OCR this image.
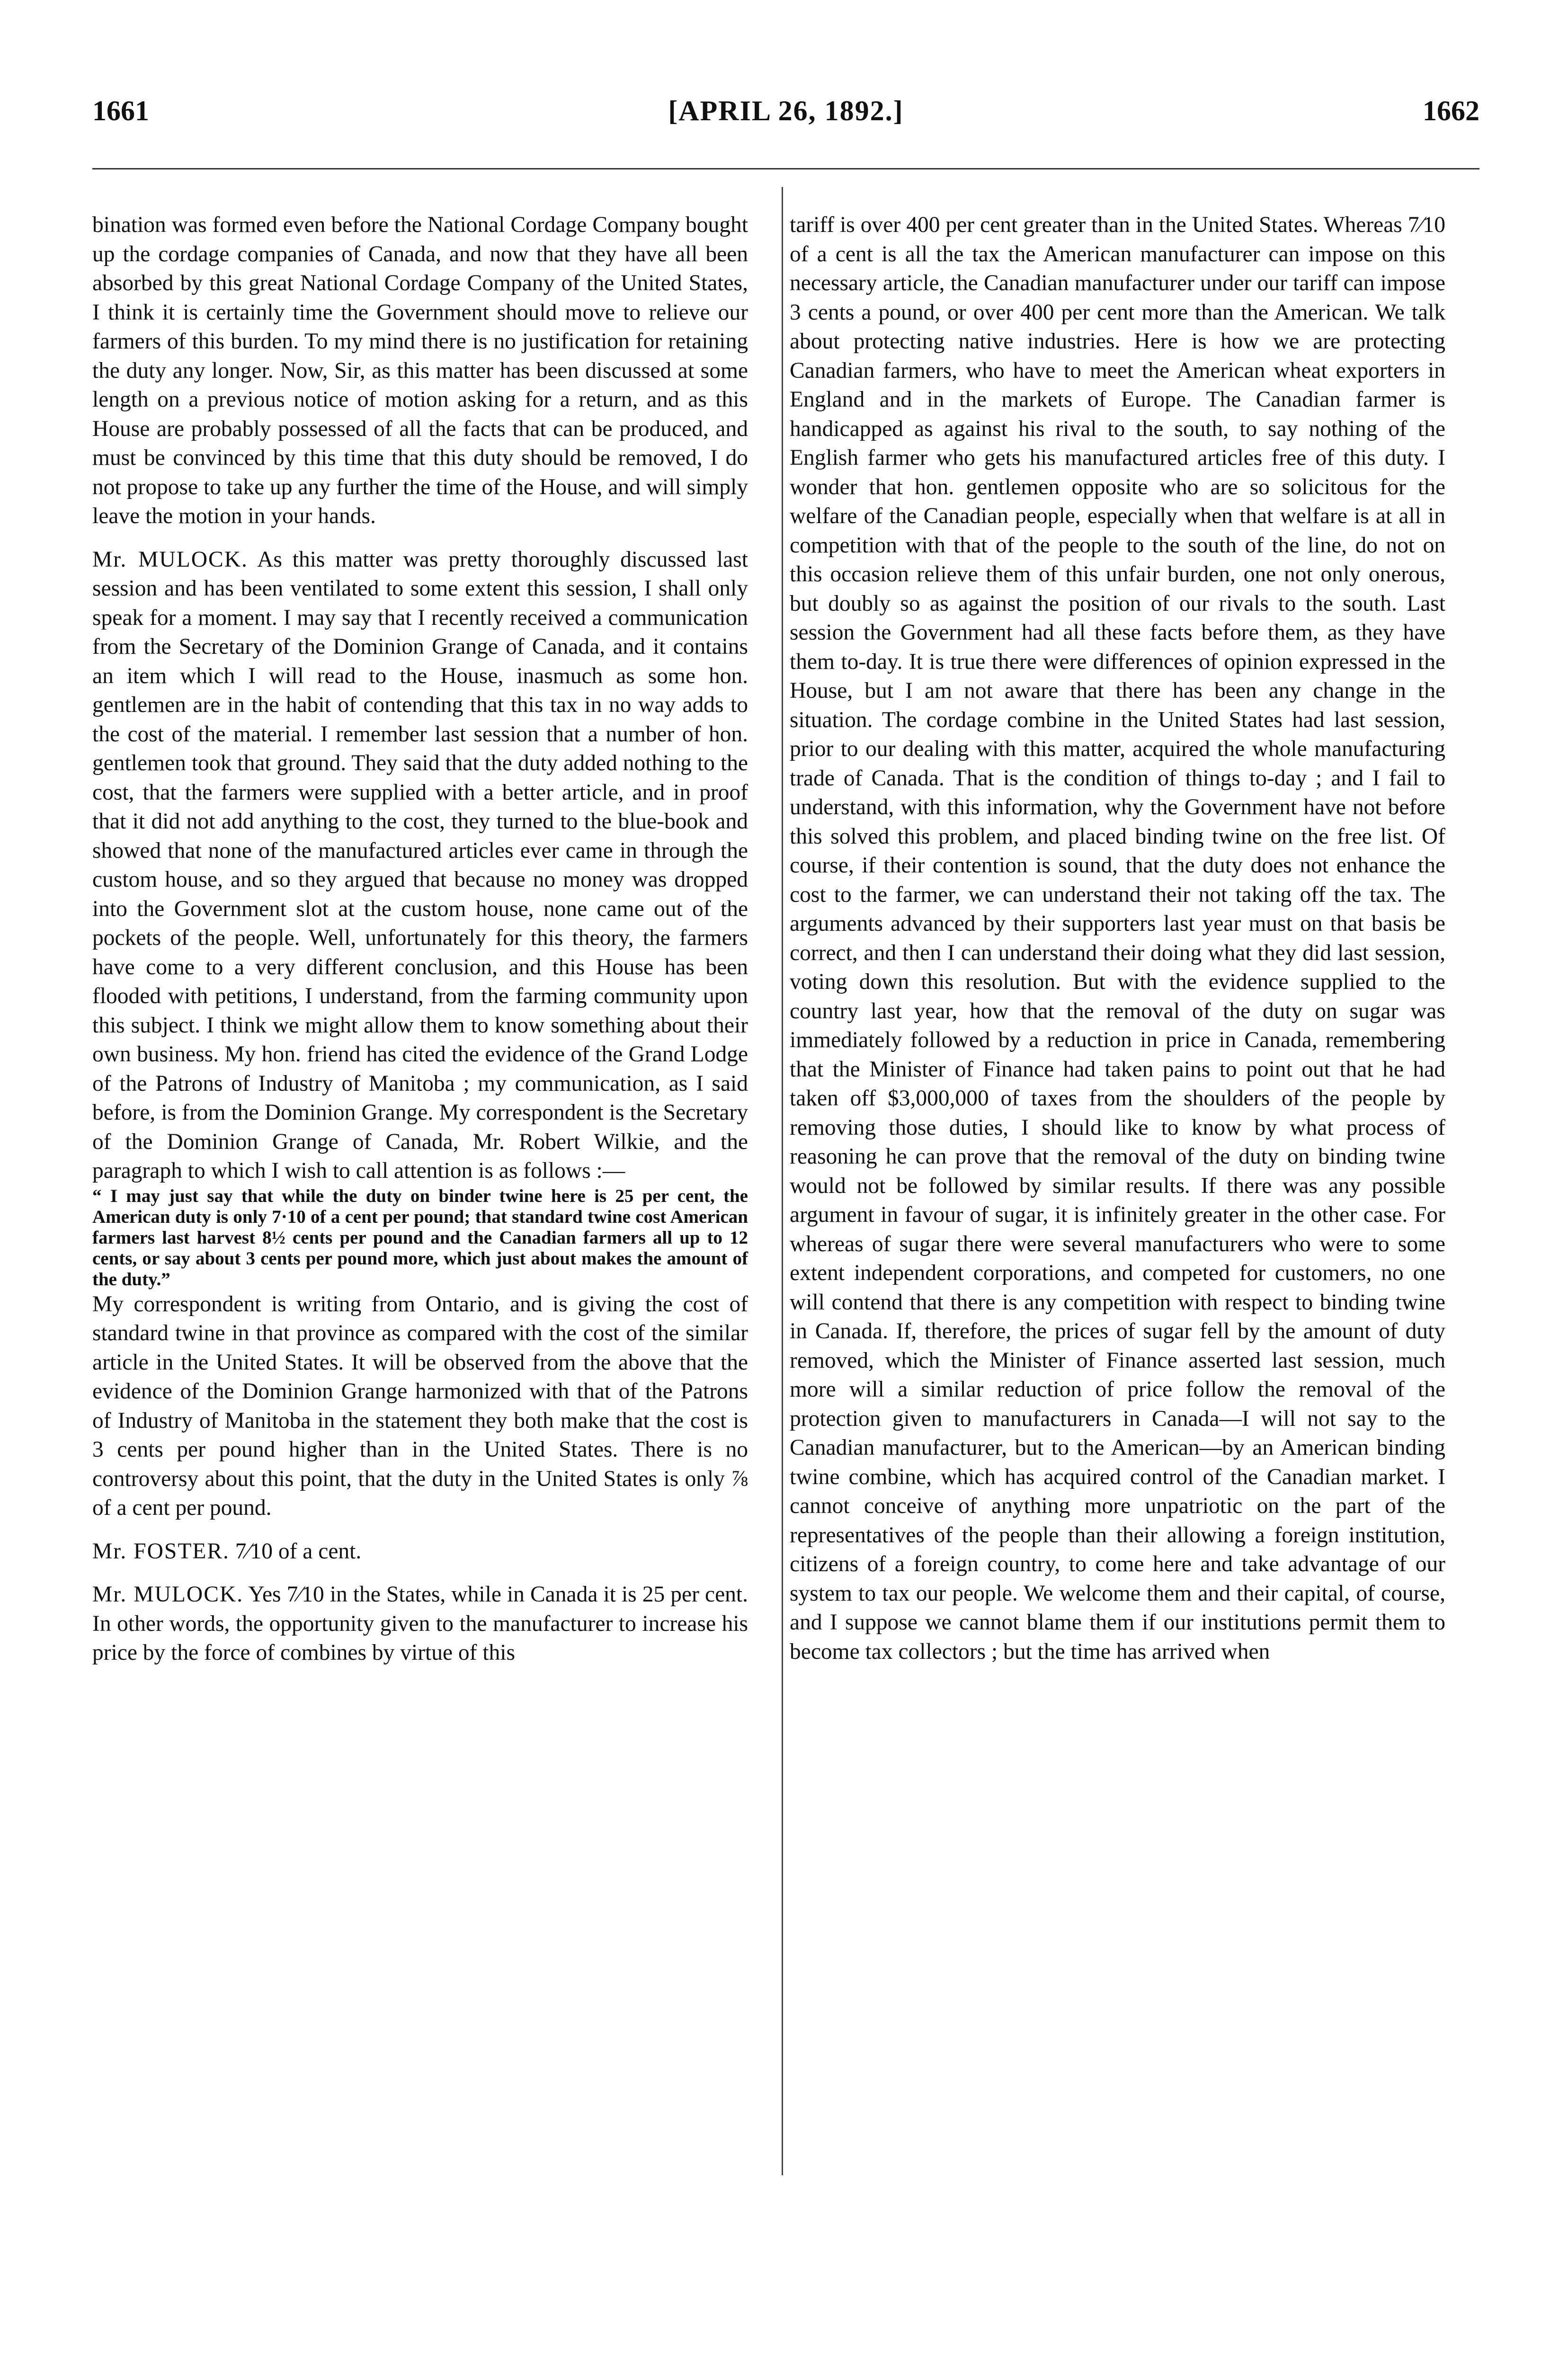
1661	[APRIL 26, 1892.]	1662

bination was formed even before the National Cordage Company bought up the cordage companies of Canada, and now that they have all been absorbed by this great National Cordage Company of the United States, I think it is certainly time the Government should move to relieve our farmers of this burden. To my mind there is no justification for retaining the duty any longer. Now, Sir, as this matter has been discussed at some length on a previous notice of motion asking for a return, and as this House are probably possessed of all the facts that can be produced, and must be convinced by this time that this duty should be removed, I do not propose to take up any further the time of the House, and will simply leave the motion in your hands.

Mr. MULOCK. As this matter was pretty thoroughly discussed last session and has been ventilated to some extent this session, I shall only speak for a moment. I may say that I recently received a communication from the Secretary of the Dominion Grange of Canada, and it contains an item which I will read to the House, inasmuch as some hon. gentlemen are in the habit of contending that this tax in no way adds to the cost of the material. I remember last session that a number of hon. gentlemen took that ground. They said that the duty added nothing to the cost, that the farmers were supplied with a better article, and in proof that it did not add anything to the cost, they turned to the blue-book and showed that none of the manufactured articles ever came in through the custom house, and so they argued that because no money was dropped into the Government slot at the custom house, none came out of the pockets of the people. Well, unfortunately for this theory, the farmers have come to a very different conclusion, and this House has been flooded with petitions, I understand, from the farming community upon this subject. I think we might allow them to know something about their own business. My hon. friend has cited the evidence of the Grand Lodge of the Patrons of Industry of Manitoba ; my communication, as I said before, is from the Dominion Grange. My correspondent is the Secretary of the Dominion Grange of Canada, Mr. Robert Wilkie, and the paragraph to which I wish to call attention is as follows :—

“ I may just say that while the duty on binder twine here is 25 per cent, the American duty is only 7·10 of a cent per pound; that standard twine cost American farmers last harvest 8½ cents per pound and the Canadian farmers all up to 12 cents, or say about 3 cents per pound more, which just about makes the amount of the duty.”

My correspondent is writing from Ontario, and is giving the cost of standard twine in that province as compared with the cost of the similar article in the United States. It will be observed from the above that the evidence of the Dominion Grange harmonized with that of the Patrons of Industry of Manitoba in the statement they both make that the cost is 3 cents per pound higher than in the United States. There is no controversy about this point, that the duty in the United States is only ⅞ of a cent per pound.

Mr. FOSTER. 7⁄10 of a cent.

Mr. MULOCK. Yes 7⁄10 in the States, while in Canada it is 25 per cent. In other words, the opportunity given to the manufacturer to increase his price by the force of combines by virtue of this

tariff is over 400 per cent greater than in the United States. Whereas 7⁄10 of a cent is all the tax the American manufacturer can impose on this necessary article, the Canadian manufacturer under our tariff can impose 3 cents a pound, or over 400 per cent more than the American. We talk about protecting native industries. Here is how we are protecting Canadian farmers, who have to meet the American wheat exporters in England and in the markets of Europe. The Canadian farmer is handicapped as against his rival to the south, to say nothing of the English farmer who gets his manufactured articles free of this duty. I wonder that hon. gentlemen opposite who are so solicitous for the welfare of the Canadian people, especially when that welfare is at all in competition with that of the people to the south of the line, do not on this occasion relieve them of this unfair burden, one not only onerous, but doubly so as against the position of our rivals to the south. Last session the Government had all these facts before them, as they have them to-day. It is true there were differences of opinion expressed in the House, but I am not aware that there has been any change in the situation. The cordage combine in the United States had last session, prior to our dealing with this matter, acquired the whole manufacturing trade of Canada. That is the condition of things to-day ; and I fail to understand, with this information, why the Government have not before this solved this problem, and placed binding twine on the free list. Of course, if their contention is sound, that the duty does not enhance the cost to the farmer, we can understand their not taking off the tax. The arguments advanced by their supporters last year must on that basis be correct, and then I can understand their doing what they did last session, voting down this resolution. But with the evidence supplied to the country last year, how that the removal of the duty on sugar was immediately followed by a reduction in price in Canada, remembering that the Minister of Finance had taken pains to point out that he had taken off $3,000,000 of taxes from the shoulders of the people by removing those duties, I should like to know by what process of reasoning he can prove that the removal of the duty on binding twine would not be followed by similar results. If there was any possible argument in favour of sugar, it is infinitely greater in the other case. For whereas of sugar there were several manufacturers who were to some extent independent corporations, and competed for customers, no one will contend that there is any competition with respect to binding twine in Canada. If, therefore, the prices of sugar fell by the amount of duty removed, which the Minister of Finance asserted last session, much more will a similar reduction of price follow the removal of the protection given to manufacturers in Canada—I will not say to the Canadian manufacturer, but to the American—by an American binding twine combine, which has acquired control of the Canadian market. I cannot conceive of anything more unpatriotic on the part of the representatives of the people than their allowing a foreign institution, citizens of a foreign country, to come here and take advantage of our system to tax our people. We welcome them and their capital, of course, and I suppose we cannot blame them if our institutions permit them to become tax collectors ; but the time has arrived when
